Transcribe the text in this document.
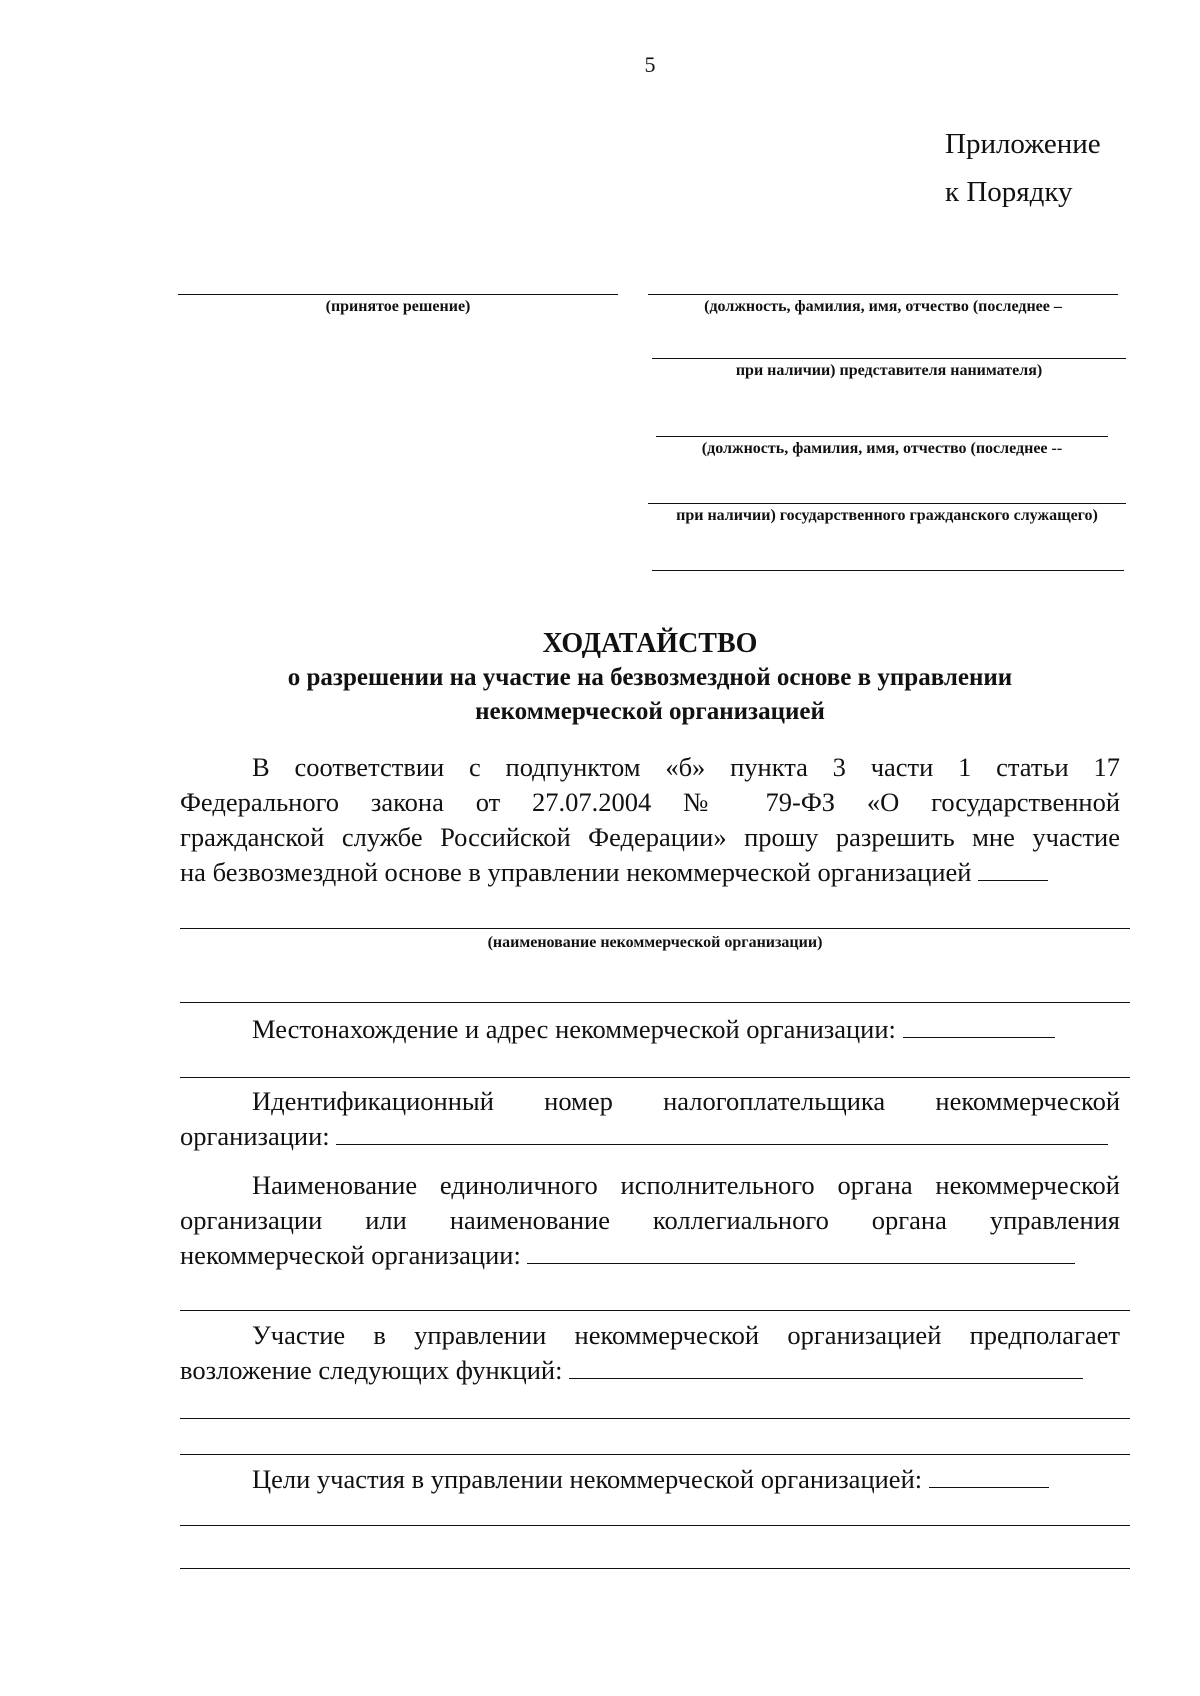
5
Приложение
к Порядку
(принятое решение)	(должность, фамилия, имя, отчество (последнее –
при наличии) представителя нанимателя)
(должность, фамилия, имя, отчество (последнее --
при наличии) государственного гражданского служащего)
ХОДАТАЙСТВО
о разрешении на участие на безвозмездной основе в управлении
некоммерческой организацией
В соответствии с подпунктом «б» пункта 3 части 1 статьи 17
Федерального закона от 27.07.2004 № 79-ФЗ «О государственной
гражданской службе Российской Федерации» прошу разрешить мне участие
на безвозмездной основе в управлении некоммерческой организацией
(наименование некоммерческой организации)
Местонахождение и адрес некоммерческой организации:
Идентификационный номер налогоплательщика некоммерческой
организации:
Наименование единоличного исполнительного органа некоммерческой
организации или наименование коллегиального органа управления
некоммерческой организации:
Участие в управлении некоммерческой организацией предполагает
возложение следующих функций:
Цели участия в управлении некоммерческой организацией:
